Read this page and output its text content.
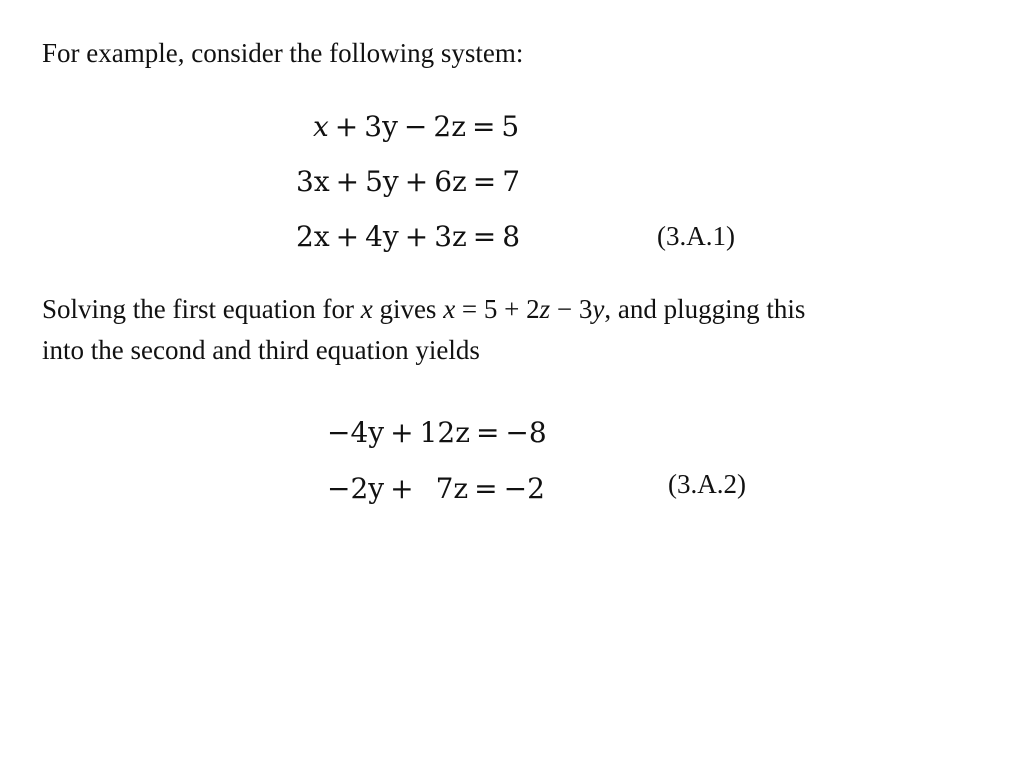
For example, consider the following system:
x + 3y − 2z = 5
3x + 5y + 6z = 7
2x + 4y + 3z = 8	(3.A.1)
Solving the first equation for x gives x = 5 + 2z − 3y, and plugging this
into the second and third equation yields
−4y + 12z = −8
−2y + 7z = −2	(3.A.2)
